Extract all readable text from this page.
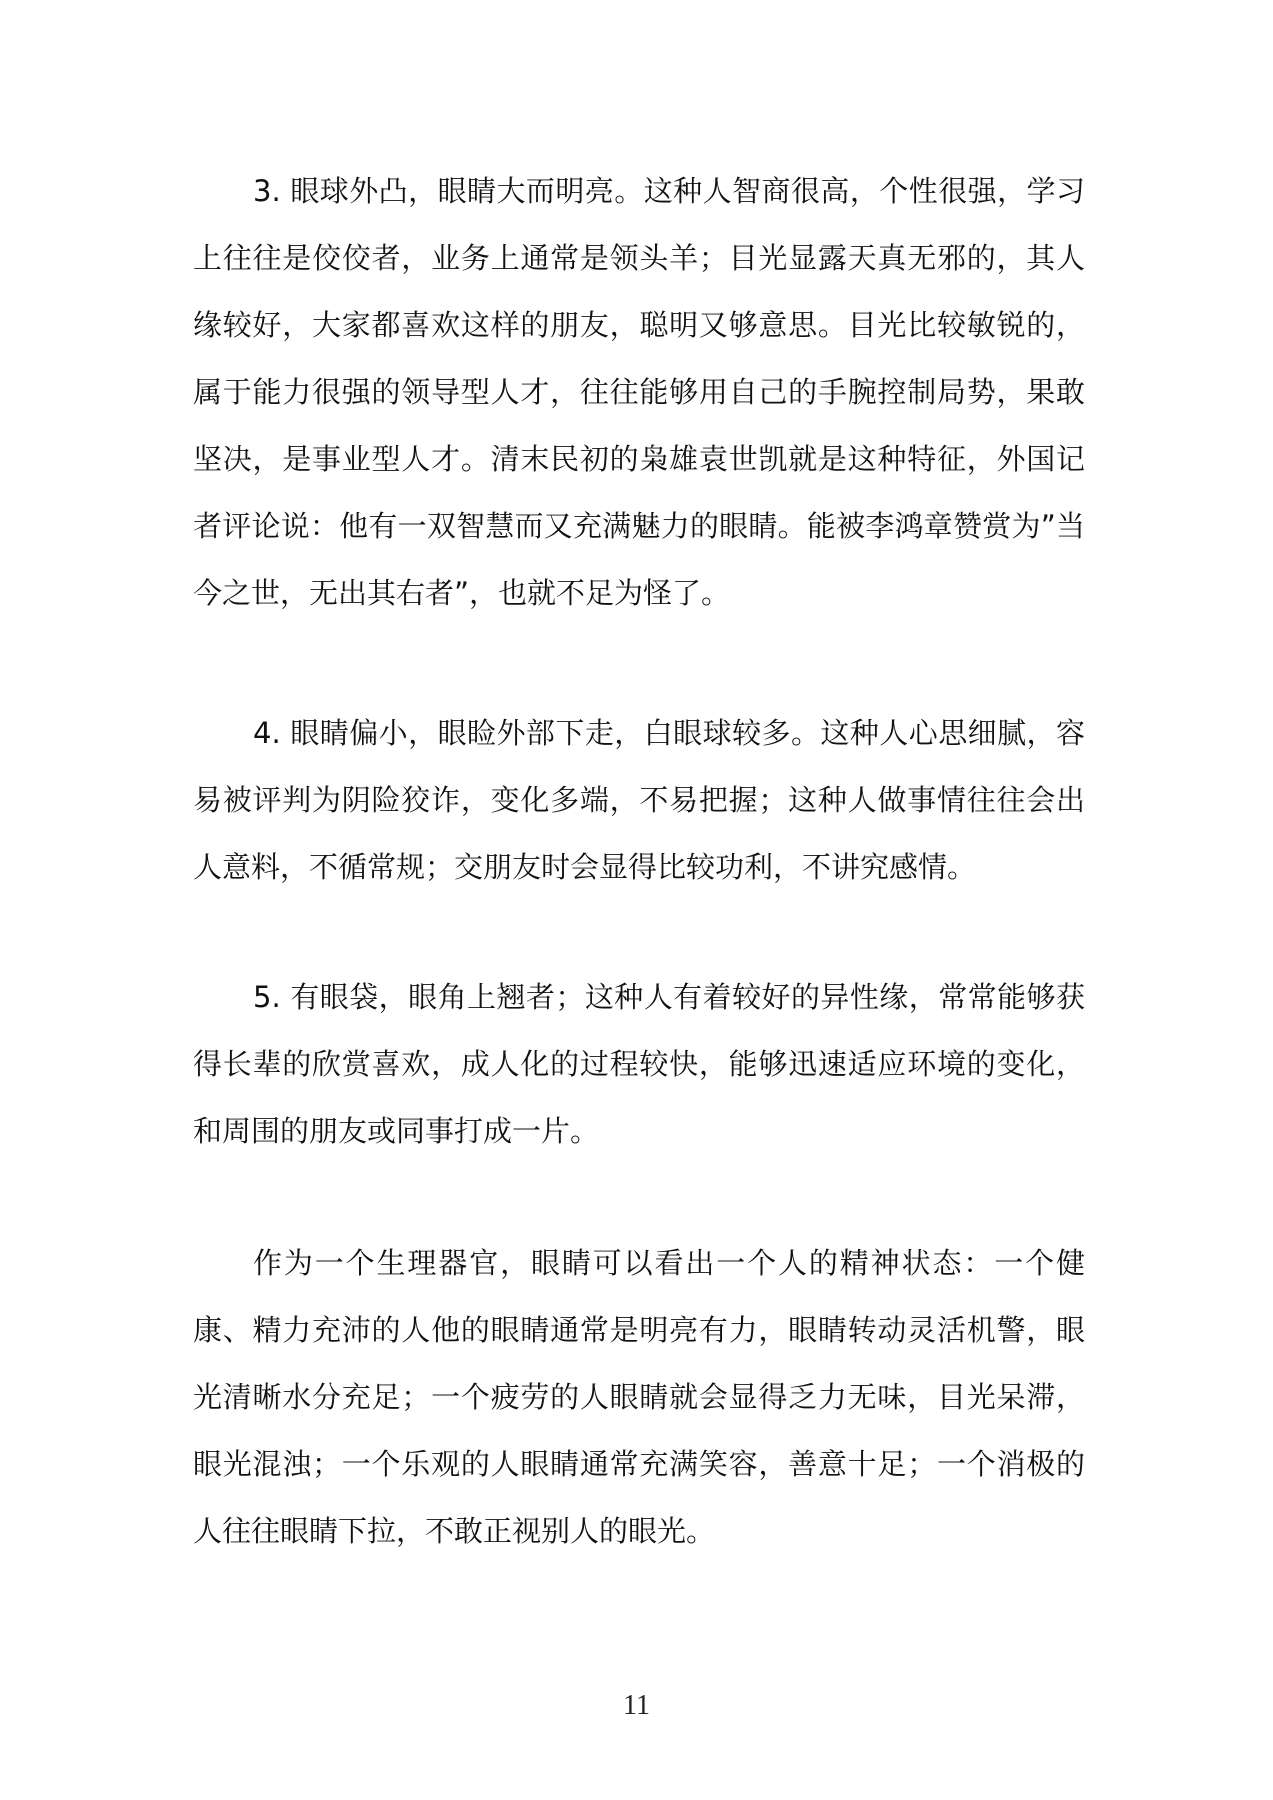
3. 眼球外凸，眼睛大而明亮。这种人智商很高，个性很强，学习上往往是佼佼者，业务上通常是领头羊；目光显露天真无邪的，其人缘较好，大家都喜欢这样的朋友，聪明又够意思。目光比较敏锐的，属于能力很强的领导型人才，往往能够用自己的手腕控制局势，果敢坚决，是事业型人才。清末民初的枭雄袁世凯就是这种特征，外国记者评论说：他有一双智慧而又充满魅力的眼睛。能被李鸿章赞赏为”当今之世，无出其右者”，也就不足为怪了。

4. 眼睛偏小，眼睑外部下走，白眼球较多。这种人心思细腻，容易被评判为阴险狡诈，变化多端，不易把握；这种人做事情往往会出人意料，不循常规；交朋友时会显得比较功利，不讲究感情。

5. 有眼袋，眼角上翘者；这种人有着较好的异性缘，常常能够获得长辈的欣赏喜欢，成人化的过程较快，能够迅速适应环境的变化，和周围的朋友或同事打成一片。

作为一个生理器官，眼睛可以看出一个人的精神状态：一个健康、精力充沛的人他的眼睛通常是明亮有力，眼睛转动灵活机警，眼光清晰水分充足；一个疲劳的人眼睛就会显得乏力无味，目光呆滞，眼光混浊；一个乐观的人眼睛通常充满笑容，善意十足；一个消极的人往往眼睛下拉，不敢正视别人的眼光。

11
